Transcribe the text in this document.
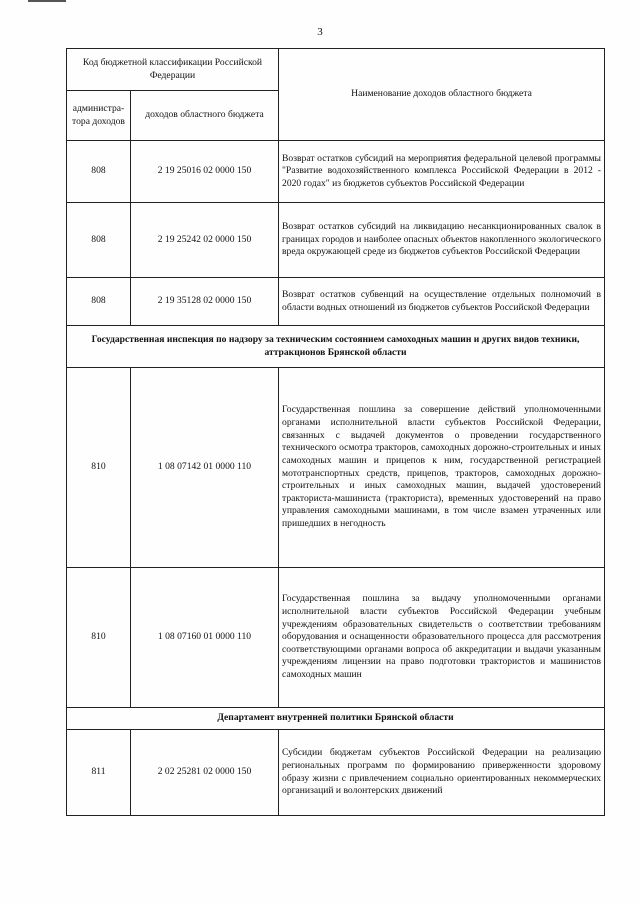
3
Код бюджетной классификации Российской Федерации		Наименование доходов областного бюджета
администра-тора доходов	доходов областного бюджета	
808	2 19 25016 02 0000 150	Возврат остатков субсидий на мероприятия федеральной целевой программы "Развитие водохозяйственного комплекса Российской Федерации в 2012 - 2020 годах" из бюджетов субъектов Российской Федерации
808	2 19 25242 02 0000 150	Возврат остатков субсидий на ликвидацию несанкционированных свалок в границах городов и наиболее опасных объектов накопленного экологического вреда окружающей среде из бюджетов субъектов Российской Федерации
808	2 19 35128 02 0000 150	Возврат остатков субвенций на осуществление отдельных полномочий в области водных отношений из бюджетов субъектов Российской Федерации
Государственная инспекция по надзору за техническим состоянием самоходных машин и других видов техники, аттракционов Брянской области		
810	1 08 07142 01 0000 110	Государственная пошлина за совершение действий уполномоченными органами исполнительной власти субъектов Российской Федерации, связанных с выдачей документов о проведении государственного технического осмотра тракторов, самоходных дорожно-строительных и иных самоходных машин и прицепов к ним, государственной регистрацией мототранспортных средств, прицепов, тракторов, самоходных дорожно-строительных и иных самоходных машин, выдачей удостоверений тракториста-машиниста (тракториста), временных удостоверений на право управления самоходными машинами, в том числе взамен утраченных или пришедших в негодность
810	1 08 07160 01 0000 110	Государственная пошлина за выдачу уполномоченными органами исполнительной власти субъектов Российской Федерации учебным учреждениям образовательных свидетельств о соответствии требованиям оборудования и оснащенности образовательного процесса для рассмотрения соответствующими органами вопроса об аккредитации и выдачи указанным учреждениям лицензии на право подготовки трактористов и машинистов самоходных машин
Департамент внутренней политики Брянской области		
811	2 02 25281 02 0000 150	Субсидии бюджетам субъектов Российской Федерации на реализацию региональных программ по формированию приверженности здоровому образу жизни с привлечением социально ориентированных некоммерческих организаций и волонтерских движений
